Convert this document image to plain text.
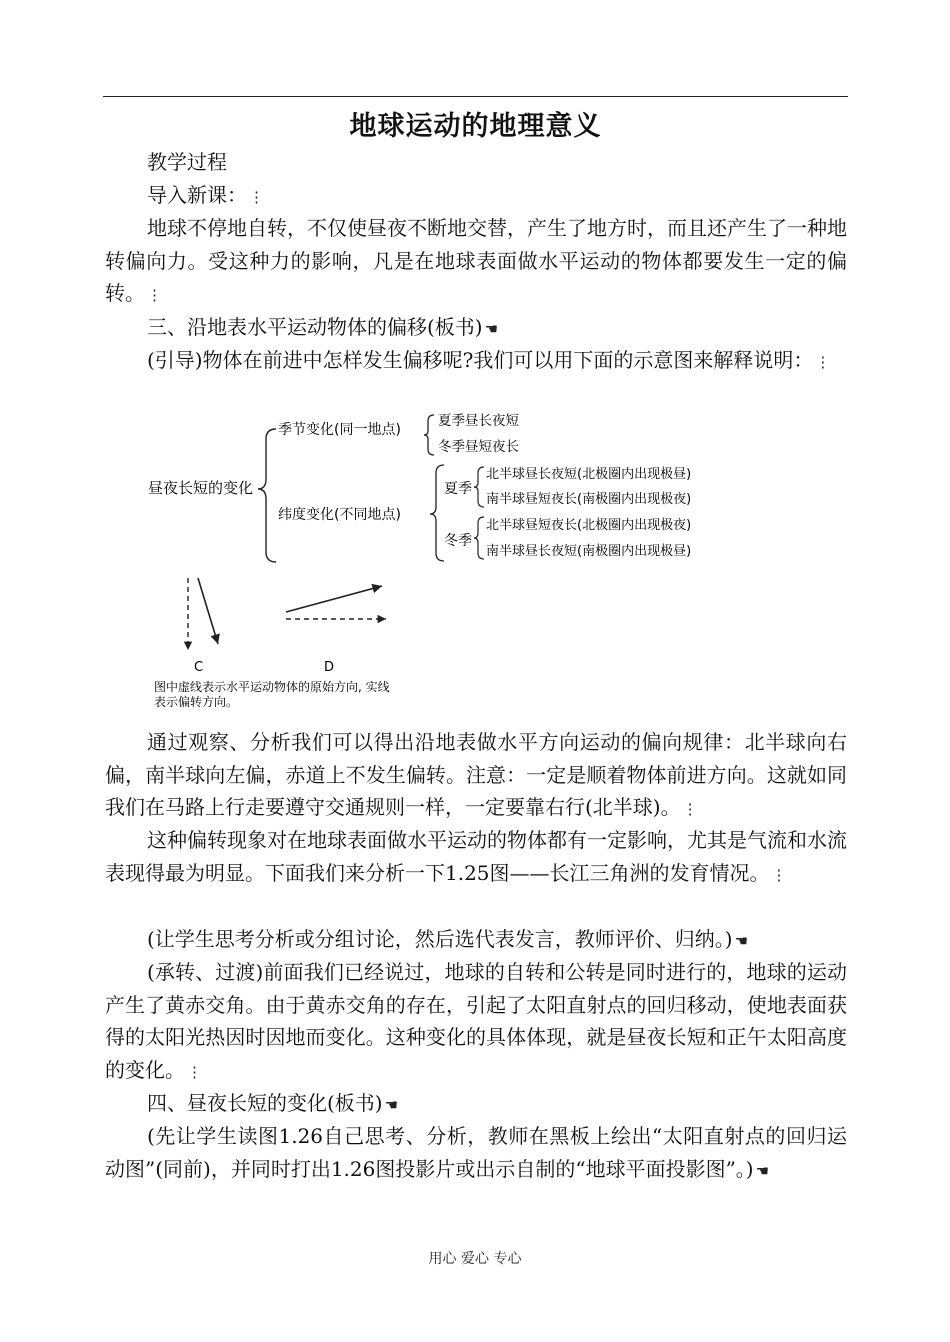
地球运动的地理意义

教学过程

导入新课： ⋮

地球不停地自转，不仅使昼夜不断地交替，产生了地方时，而且还产生了一种地转偏向力。受这种力的影响，凡是在地球表面做水平运动的物体都要发生一定的偏转。 ⋮

三、沿地表水平运动物体的偏移(板书) ☚

(引导)物体在前进中怎样发生偏移呢?我们可以用下面的示意图来解释说明： ⋮

昼夜长短的变化
季节变化(同一地点)
夏季昼长夜短
冬季昼短夜长
纬度变化(不同地点)
夏季
北半球昼长夜短(北极圈内出现极昼)
南半球昼短夜长(南极圈内出现极夜)
冬季
北半球昼短夜长(北极圈内出现极夜)
南半球昼长夜短(南极圈内出现极昼)
C	D
图中虚线表示水平运动物体的原始方向, 实线
表示偏转方向。

通过观察、分析我们可以得出沿地表做水平方向运动的偏向规律：北半球向右偏，南半球向左偏，赤道上不发生偏转。注意：一定是顺着物体前进方向。这就如同我们在马路上行走要遵守交通规则一样，一定要靠右行(北半球)。 ⋮

这种偏转现象对在地球表面做水平运动的物体都有一定影响，尤其是气流和水流表现得最为明显。下面我们来分析一下1.25图——长江三角洲的发育情况。 ⋮

(让学生思考分析或分组讨论，然后选代表发言，教师评价、归纳。) ☚

(承转、过渡)前面我们已经说过，地球的自转和公转是同时进行的，地球的运动产生了黄赤交角。由于黄赤交角的存在，引起了太阳直射点的回归移动，使地表面获得的太阳光热因时因地而变化。这种变化的具体体现，就是昼夜长短和正午太阳高度的变化。 ⋮

四、昼夜长短的变化(板书) ☚

(先让学生读图1.26自己思考、分析，教师在黑板上绘出“太阳直射点的回归运动图”(同前)，并同时打出1.26图投影片或出示自制的“地球平面投影图”。) ☚

用心 爱心 专心
